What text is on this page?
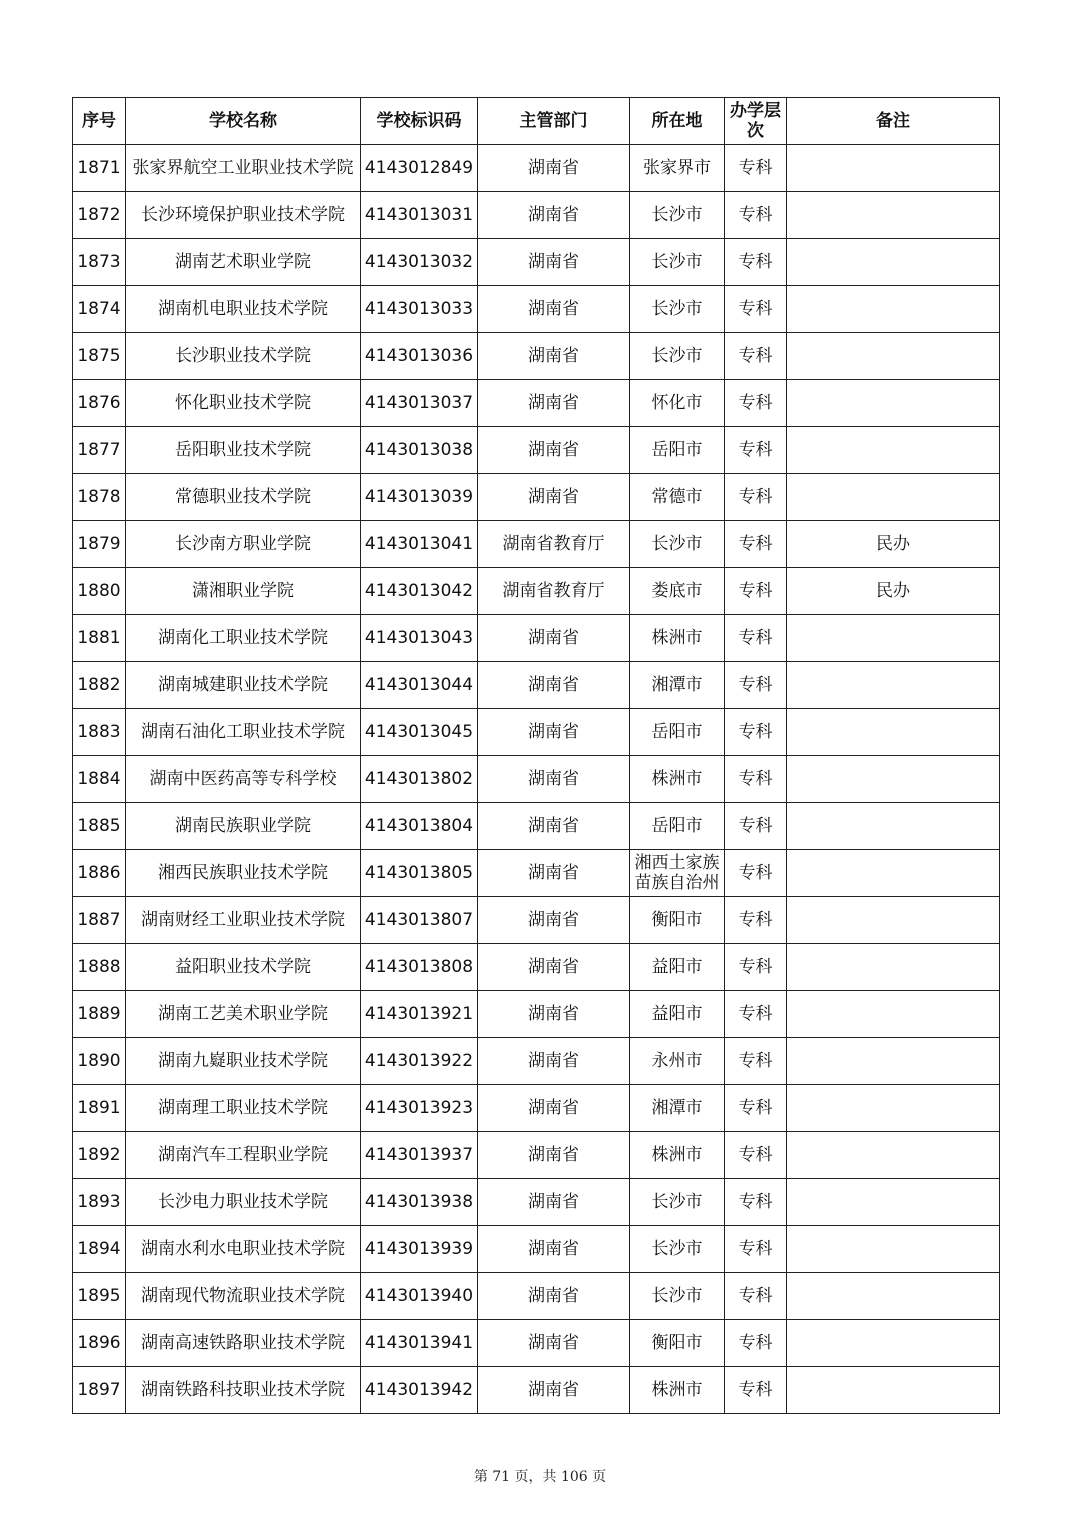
序号	学校名称	学校标识码	主管部门	所在地	办学层次	备注

1871	张家界航空工业职业技术学院	4143012849	湖南省	张家界市	专科	

1872	长沙环境保护职业技术学院	4143013031	湖南省	长沙市	专科	

1873	湖南艺术职业学院	4143013032	湖南省	长沙市	专科	

1874	湖南机电职业技术学院	4143013033	湖南省	长沙市	专科	

1875	长沙职业技术学院	4143013036	湖南省	长沙市	专科	

1876	怀化职业技术学院	4143013037	湖南省	怀化市	专科	

1877	岳阳职业技术学院	4143013038	湖南省	岳阳市	专科	

1878	常德职业技术学院	4143013039	湖南省	常德市	专科	

1879	长沙南方职业学院	4143013041	湖南省教育厅	长沙市	专科	民办

1880	潇湘职业学院	4143013042	湖南省教育厅	娄底市	专科	民办

1881	湖南化工职业技术学院	4143013043	湖南省	株洲市	专科	

1882	湖南城建职业技术学院	4143013044	湖南省	湘潭市	专科	

1883	湖南石油化工职业技术学院	4143013045	湖南省	岳阳市	专科	

1884	湖南中医药高等专科学校	4143013802	湖南省	株洲市	专科	

1885	湖南民族职业学院	4143013804	湖南省	岳阳市	专科	

1886	湘西民族职业技术学院	4143013805	湖南省	湘西土家族苗族自治州	专科	

1887	湖南财经工业职业技术学院	4143013807	湖南省	衡阳市	专科	

1888	益阳职业技术学院	4143013808	湖南省	益阳市	专科	

1889	湖南工艺美术职业学院	4143013921	湖南省	益阳市	专科	

1890	湖南九嶷职业技术学院	4143013922	湖南省	永州市	专科	

1891	湖南理工职业技术学院	4143013923	湖南省	湘潭市	专科	

1892	湖南汽车工程职业学院	4143013937	湖南省	株洲市	专科	

1893	长沙电力职业技术学院	4143013938	湖南省	长沙市	专科	

1894	湖南水利水电职业技术学院	4143013939	湖南省	长沙市	专科	

1895	湖南现代物流职业技术学院	4143013940	湖南省	长沙市	专科	

1896	湖南高速铁路职业技术学院	4143013941	湖南省	衡阳市	专科	

1897	湖南铁路科技职业技术学院	4143013942	湖南省	株洲市	专科	

第 71 页，共 106 页
